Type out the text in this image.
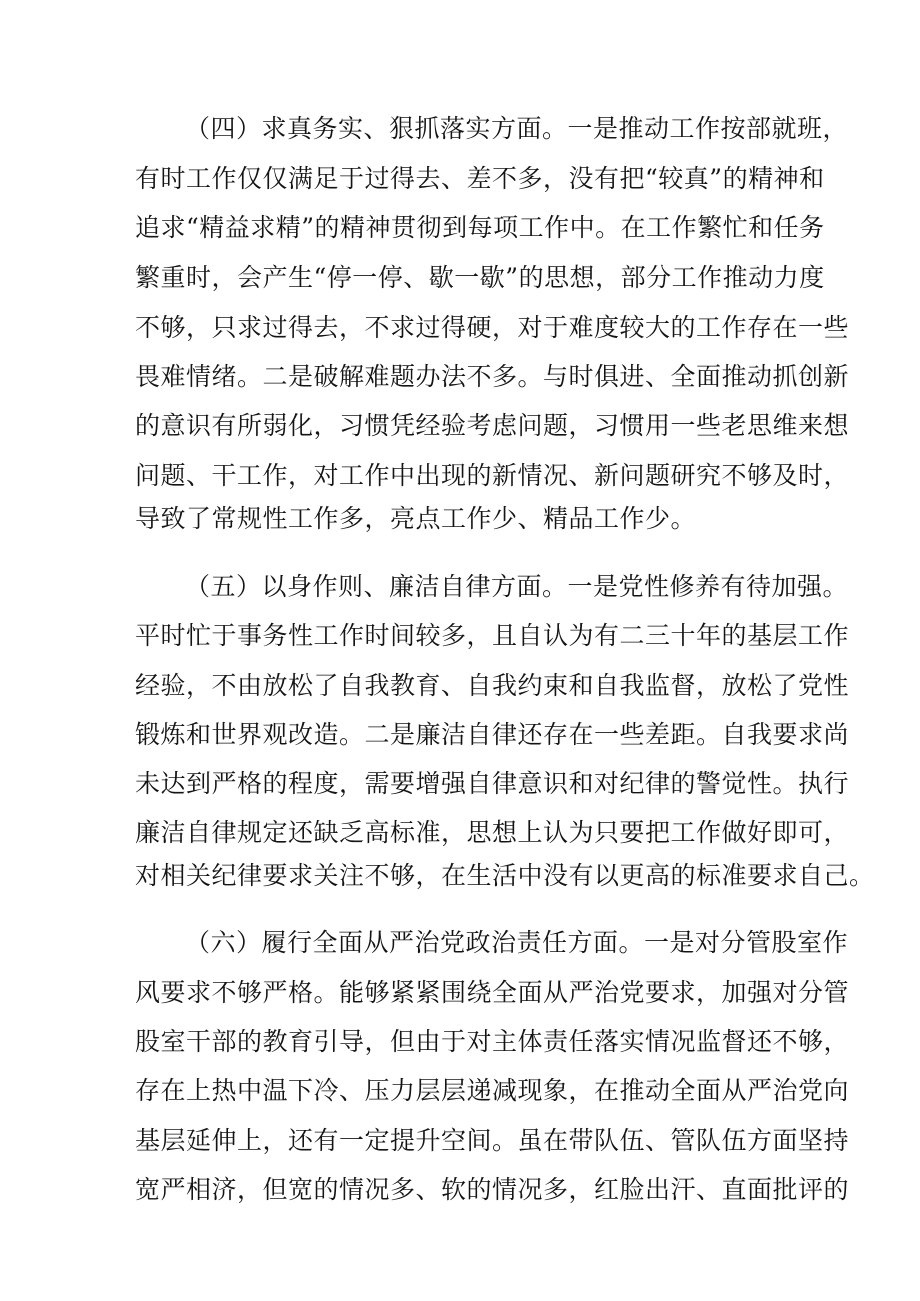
（四）求真务实、狠抓落实方面。一是推动工作按部就班，
有时工作仅仅满足于过得去、差不多，没有把“较真”的精神和
追求“精益求精”的精神贯彻到每项工作中。在工作繁忙和任务
繁重时，会产生“停一停、歇一歇”的思想，部分工作推动力度
不够，只求过得去，不求过得硬，对于难度较大的工作存在一些
畏难情绪。二是破解难题办法不多。与时俱进、全面推动抓创新
的意识有所弱化，习惯凭经验考虑问题，习惯用一些老思维来想
问题、干工作，对工作中出现的新情况、新问题研究不够及时，
导致了常规性工作多，亮点工作少、精品工作少。
（五）以身作则、廉洁自律方面。一是党性修养有待加强。
平时忙于事务性工作时间较多，且自认为有二三十年的基层工作
经验，不由放松了自我教育、自我约束和自我监督，放松了党性
锻炼和世界观改造。二是廉洁自律还存在一些差距。自我要求尚
未达到严格的程度，需要增强自律意识和对纪律的警觉性。执行
廉洁自律规定还缺乏高标准，思想上认为只要把工作做好即可，
对相关纪律要求关注不够，在生活中没有以更高的标准要求自己。
（六）履行全面从严治党政治责任方面。一是对分管股室作
风要求不够严格。能够紧紧围绕全面从严治党要求，加强对分管
股室干部的教育引导，但由于对主体责任落实情况监督还不够，
存在上热中温下冷、压力层层递减现象，在推动全面从严治党向
基层延伸上，还有一定提升空间。虽在带队伍、管队伍方面坚持
宽严相济，但宽的情况多、软的情况多，红脸出汗、直面批评的
